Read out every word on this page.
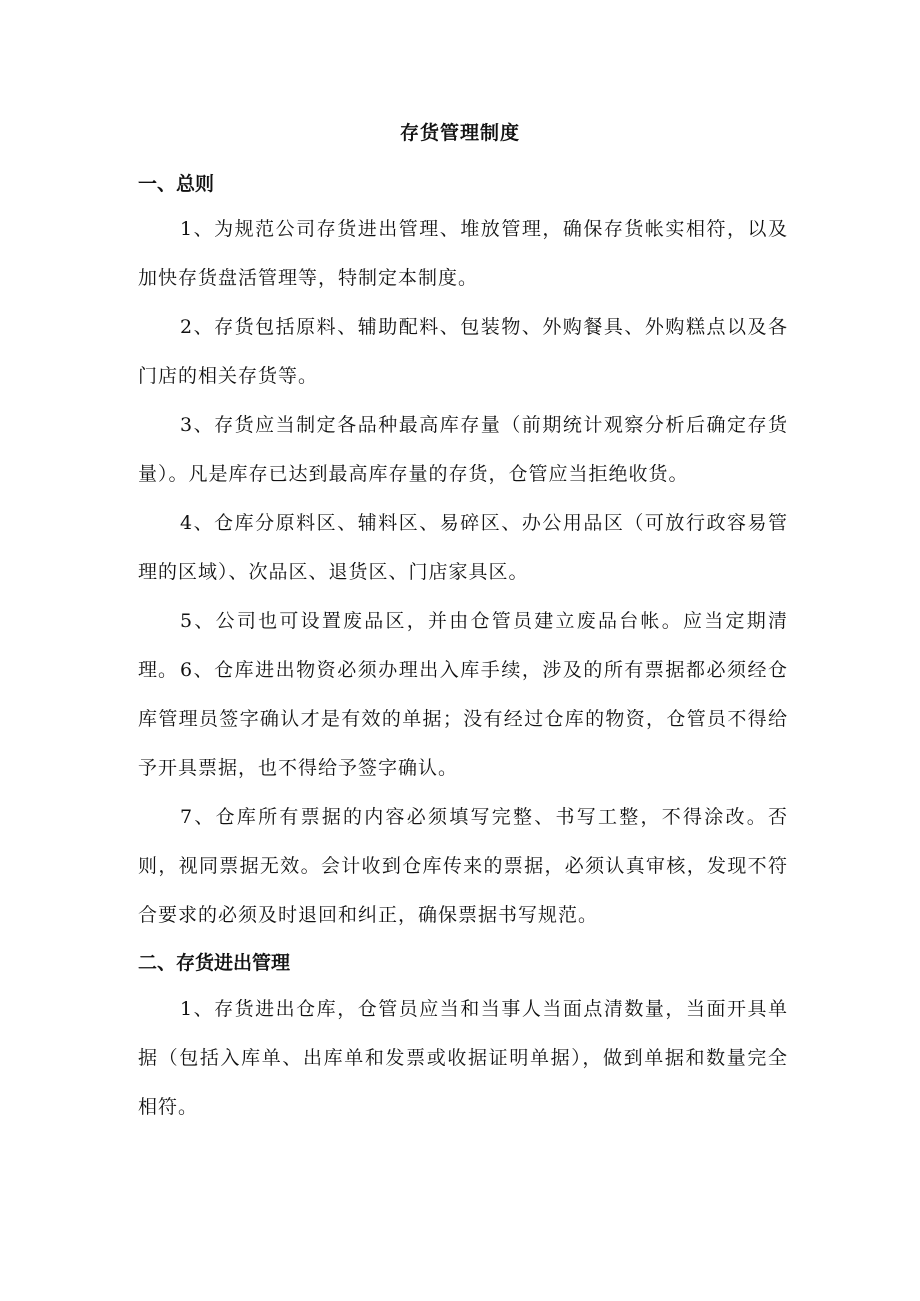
存货管理制度
一、总则

1、为规范公司存货进出管理、堆放管理，确保存货帐实相符，以及加快存货盘活管理等，特制定本制度。

2、存货包括原料、辅助配料、包装物、外购餐具、外购糕点以及各门店的相关存货等。

3、存货应当制定各品种最高库存量（前期统计观察分析后确定存货量）。凡是库存已达到最高库存量的存货，仓管应当拒绝收货。

4、仓库分原料区、辅料区、易碎区、办公用品区（可放行政容易管理的区域）、次品区、退货区、门店家具区。

5、公司也可设置废品区，并由仓管员建立废品台帐。应当定期清理。 6、仓库进出物资必须办理出入库手续，涉及的所有票据都必须经仓库管理员签字确认才是有效的单据；没有经过仓库的物资，仓管员不得给予开具票据，也不得给予签字确认。

7、仓库所有票据的内容必须填写完整、书写工整，不得涂改。否则，视同票据无效。会计收到仓库传来的票据，必须认真审核，发现不符合要求的必须及时退回和纠正，确保票据书写规范。

二、存货进出管理

1、存货进出仓库，仓管员应当和当事人当面点清数量，当面开具单据（包括入库单、出库单和发票或收据证明单据），做到单据和数量完全相符。
